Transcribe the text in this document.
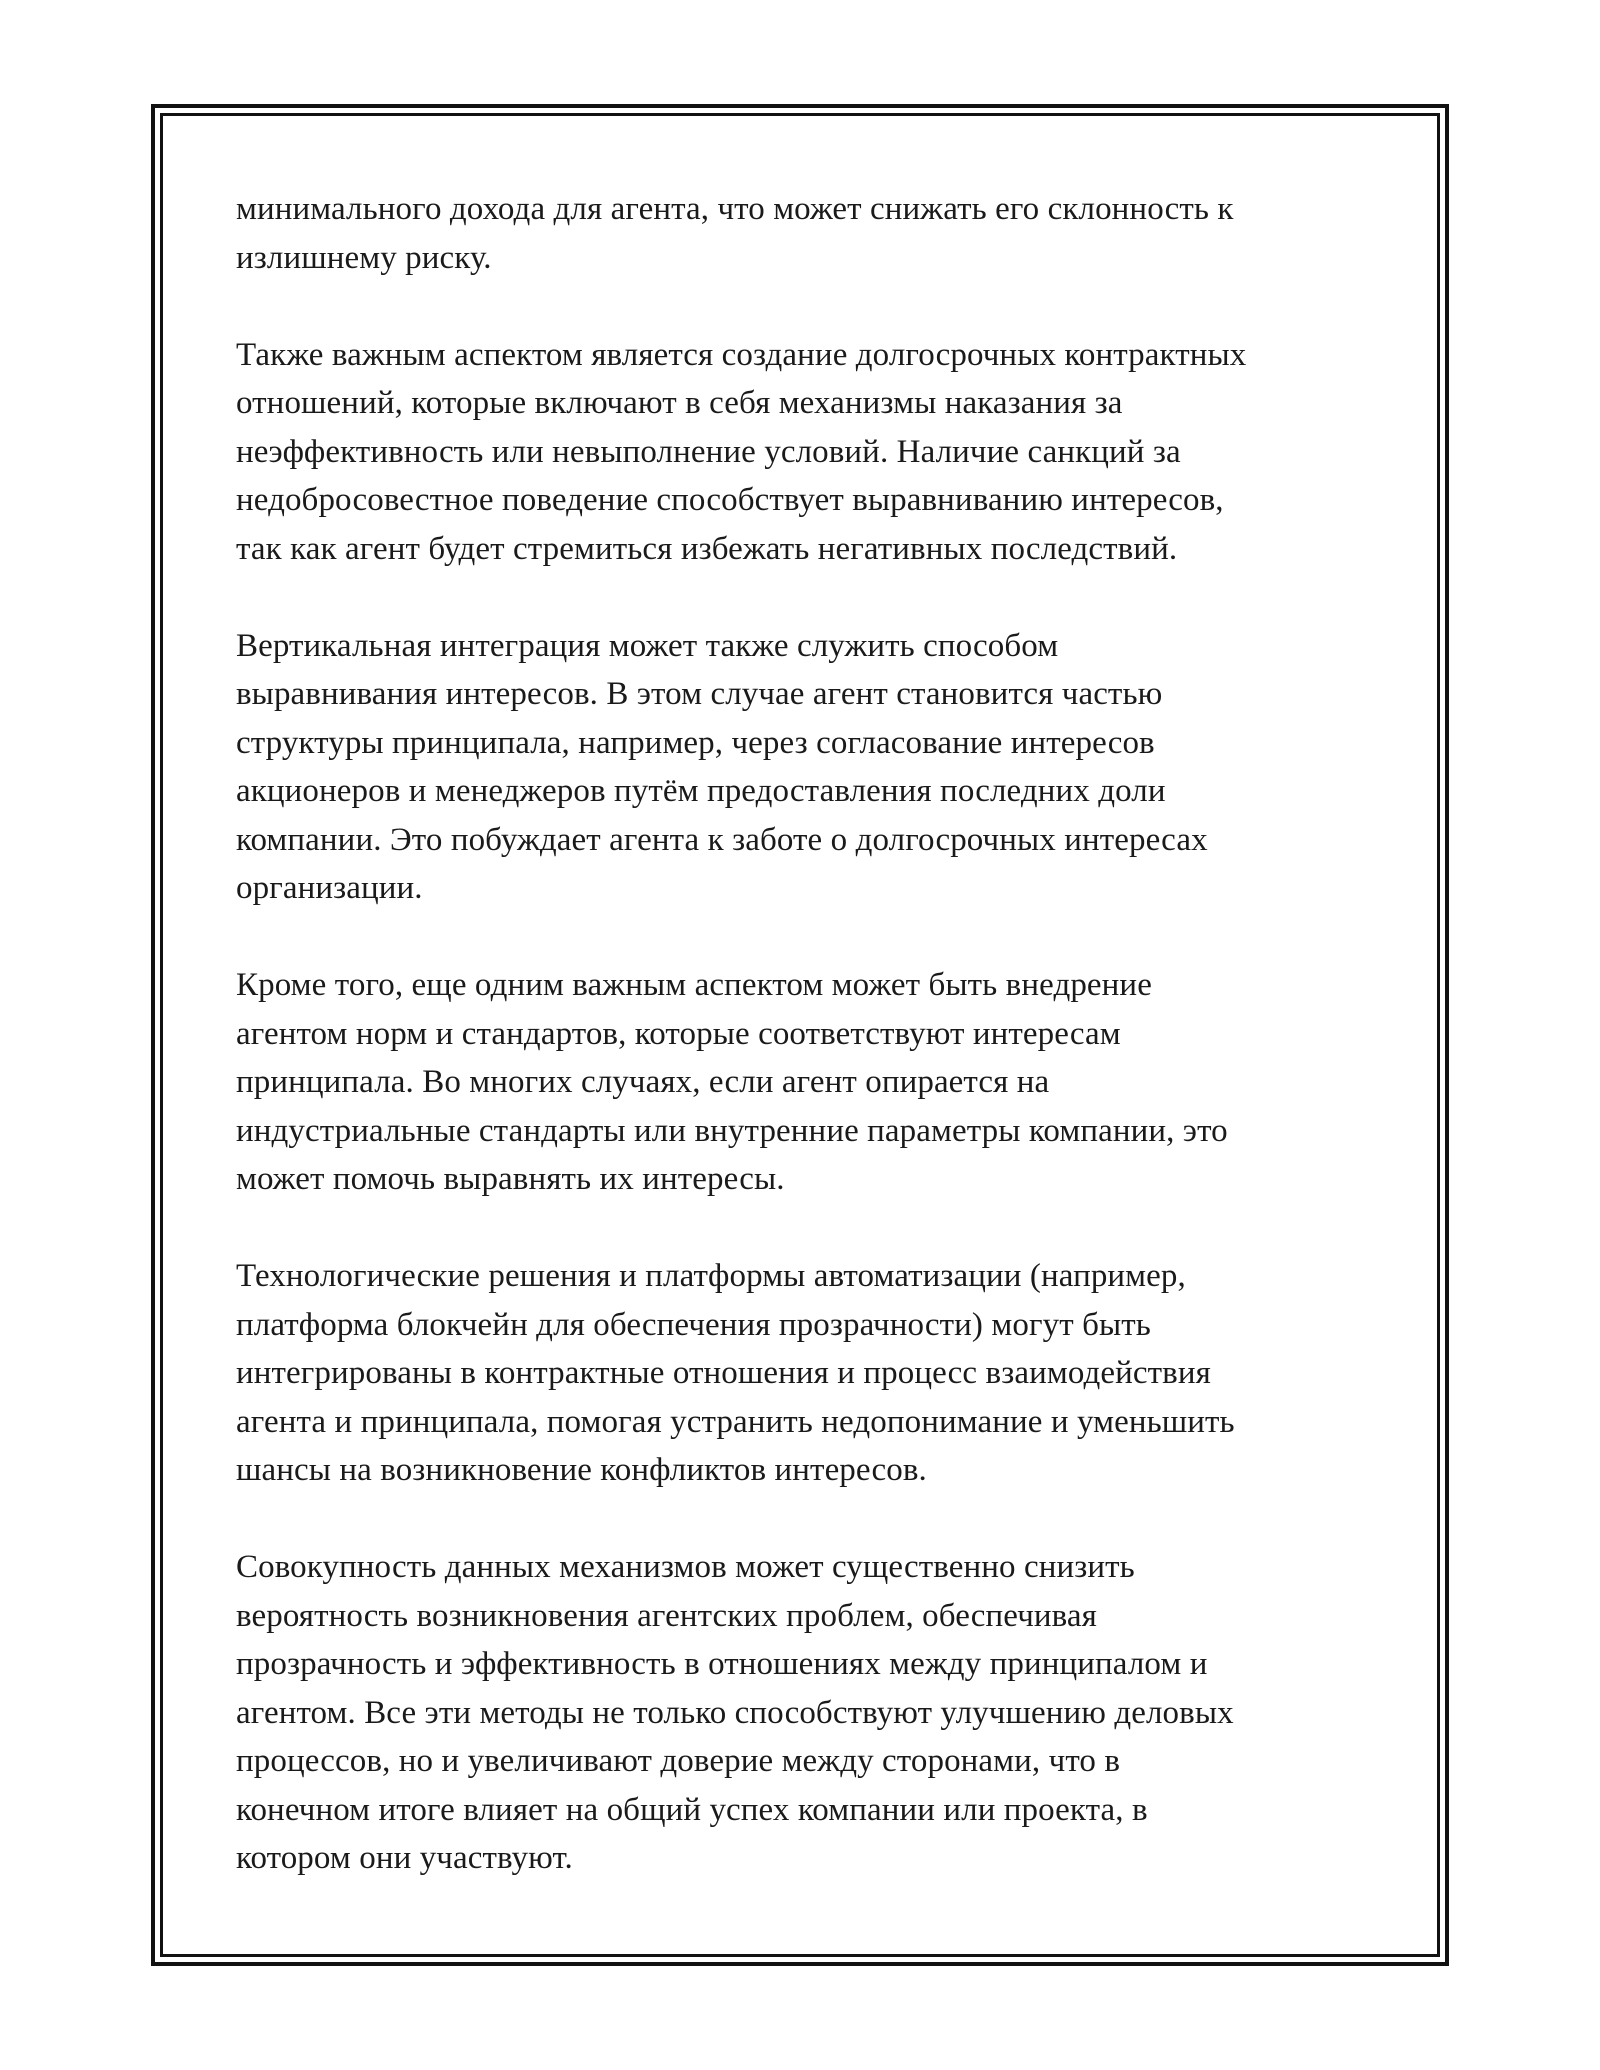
минимального дохода для агента, что может снижать его склонность к
излишнему риску.

Также важным аспектом является создание долгосрочных контрактных
отношений, которые включают в себя механизмы наказания за
неэффективность или невыполнение условий. Наличие санкций за
недобросовестное поведение способствует выравниванию интересов,
так как агент будет стремиться избежать негативных последствий.

Вертикальная интеграция может также служить способом
выравнивания интересов. В этом случае агент становится частью
структуры принципала, например, через согласование интересов
акционеров и менеджеров путём предоставления последних доли
компании. Это побуждает агента к заботе о долгосрочных интересах
организации.

Кроме того, еще одним важным аспектом может быть внедрение
агентом норм и стандартов, которые соответствуют интересам
принципала. Во многих случаях, если агент опирается на
индустриальные стандарты или внутренние параметры компании, это
может помочь выравнять их интересы.

Технологические решения и платформы автоматизации (например,
платформа блокчейн для обеспечения прозрачности) могут быть
интегрированы в контрактные отношения и процесс взаимодействия
агента и принципала, помогая устранить недопонимание и уменьшить
шансы на возникновение конфликтов интересов.

Совокупность данных механизмов может существенно снизить
вероятность возникновения агентских проблем, обеспечивая
прозрачность и эффективность в отношениях между принципалом и
агентом. Все эти методы не только способствуют улучшению деловых
процессов, но и увеличивают доверие между сторонами, что в
конечном итоге влияет на общий успех компании или проекта, в
котором они участвуют.
